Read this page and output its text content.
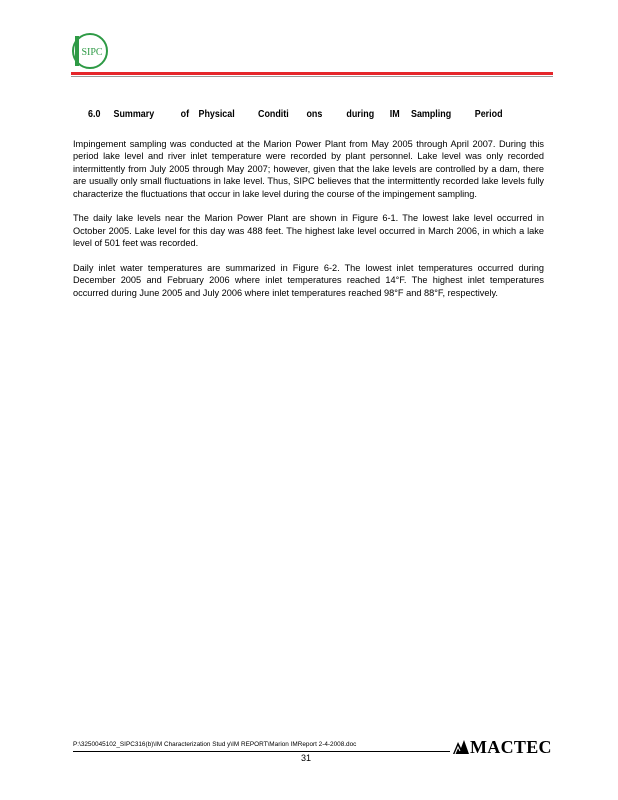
SIPC
6.0 Summary	of Physical Conditi ons during IM Sampling Period

Impingement sampling was conducted at the Marion Power Plant from May 2005 through April 2007. During this period lake level and river inlet temperature were recorded by plant personnel. Lake level was only recorded intermittently from July 2005 through May 2007; however, given that the lake levels are controlled by a dam, there are usually only small fluctuations in lake level. Thus, SIPC believes that the intermittently recorded lake levels fully characterize the fluctuations that occur in lake level during the course of the impingement sampling.

The daily lake levels near the Marion Power Plant are shown in Figure 6-1. The lowest lake level occurred in October 2005. Lake level for this day was 488 feet. The highest lake level occurred in March 2006, in which a lake level of 501 feet was recorded.

Daily inlet water temperatures are summarized in Figure 6-2. The lowest inlet temperatures occurred during December 2005 and February 2006 where inlet temperatures reached 14°F. The highest inlet temperatures occurred during June 2005 and July 2006 where inlet temperatures reached 98°F and 88°F, respectively.

P:\3250045102_SIPC316(b)\IM Characterization Stud y\IM REPORT\Marion IMReport 2-4-2008.doc
31
MACTEC
